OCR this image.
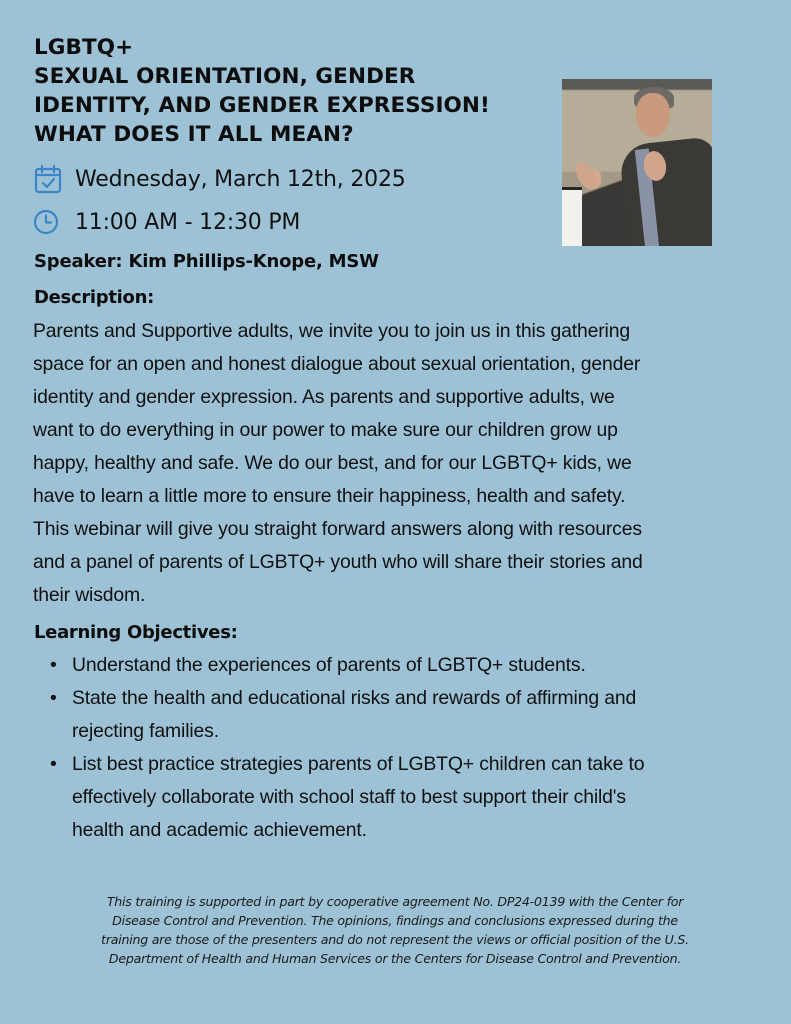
LGBTQ+
SEXUAL ORIENTATION, GENDER
IDENTITY, AND GENDER EXPRESSION!
WHAT DOES IT ALL MEAN?
Wednesday, March 12th, 2025
11:00 AM - 12:30 PM
Speaker: Kim Phillips-Knope, MSW
Description:
Parents and Supportive adults, we invite you to join us in this gathering
space for an open and honest dialogue about sexual orientation, gender
identity and gender expression. As parents and supportive adults, we
want to do everything in our power to make sure our children grow up
happy, healthy and safe. We do our best, and for our LGBTQ+ kids, we
have to learn a little more to ensure their happiness, health and safety.
This webinar will give you straight forward answers along with resources
and a panel of parents of LGBTQ+ youth who will share their stories and
their wisdom.
Learning Objectives:
• Understand the experiences of parents of LGBTQ+ students.
• State the health and educational risks and rewards of affirming and
rejecting families.
• List best practice strategies parents of LGBTQ+ children can take to
effectively collaborate with school staff to best support their child's
health and academic achievement.
This training is supported in part by cooperative agreement No. DP24-0139 with the Center for
Disease Control and Prevention. The opinions, findings and conclusions expressed during the
training are those of the presenters and do not represent the views or official position of the U.S.
Department of Health and Human Services or the Centers for Disease Control and Prevention.
